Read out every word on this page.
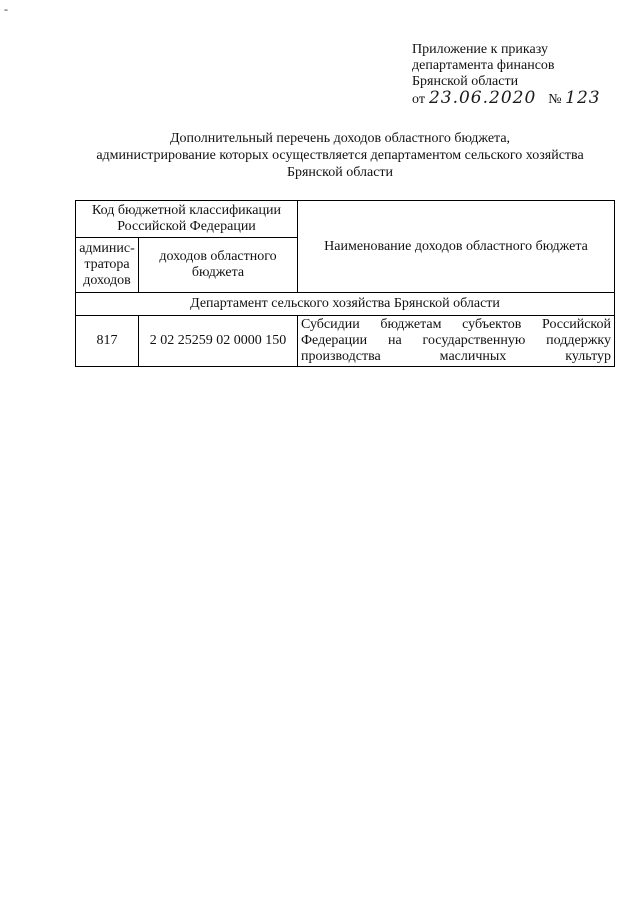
-
Приложение к приказу
департамента финансов
Брянской области
от 23.06.2020 № 123
Дополнительный перечень доходов областного бюджета,
администрирование которых осуществляется департаментом сельского хозяйства
Брянской области
Код бюджетной классификации Российской Федерации		Наименование доходов областного бюджета
админис-тратора доходов	доходов областного бюджета	
Департамент сельского хозяйства Брянской области		
817	2 02 25259 02 0000 150	Субсидии бюджетам субъектов Российской Федерации на государственную поддержку производства масличных культур
